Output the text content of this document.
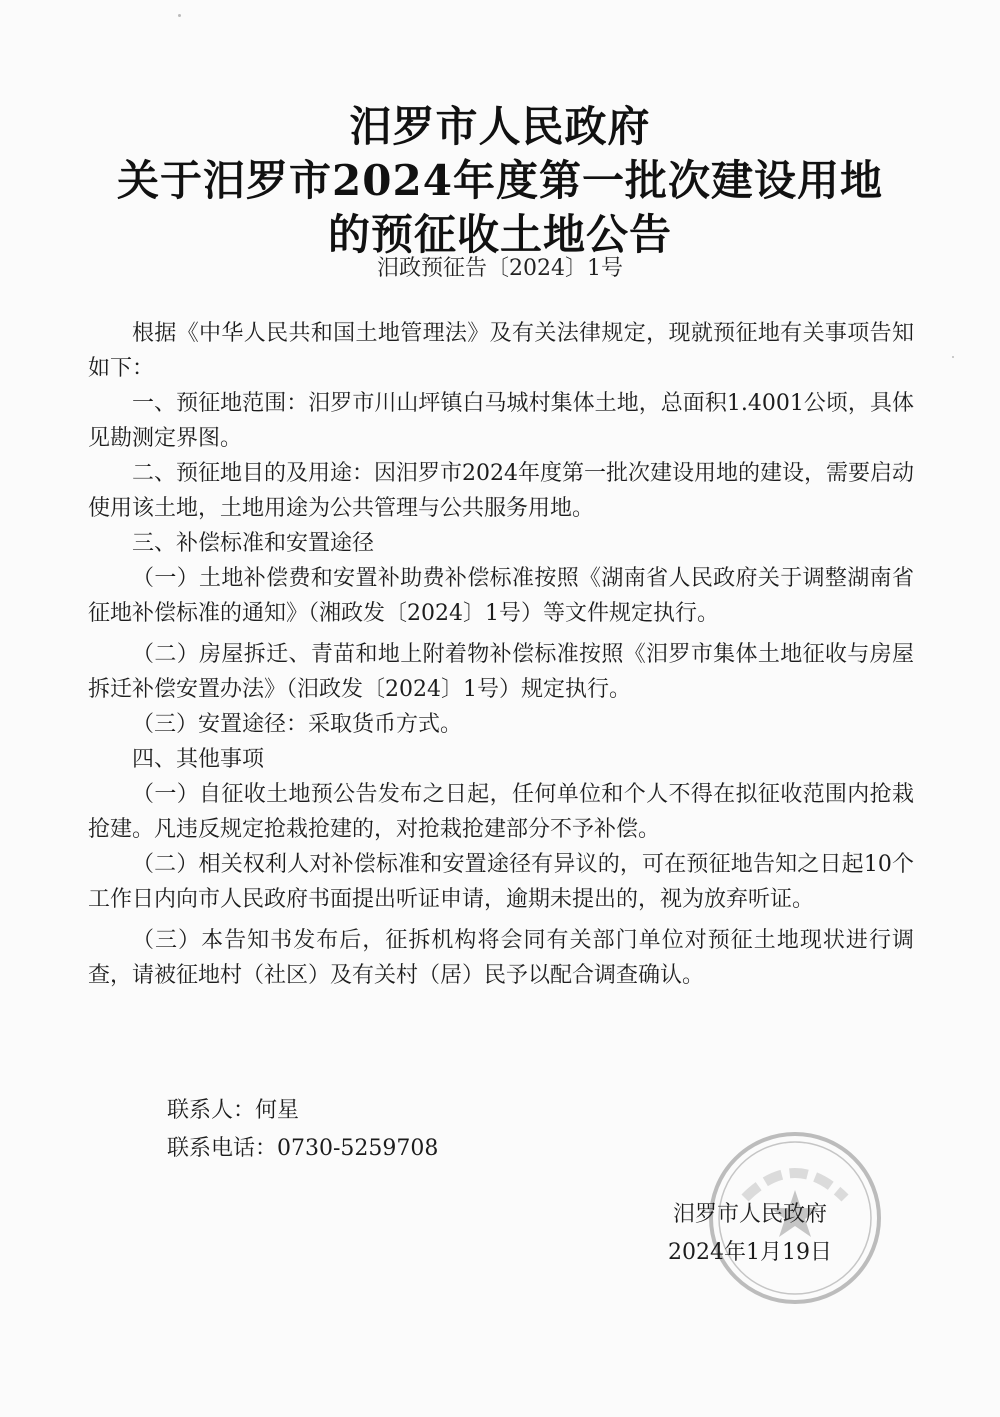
汨罗市人民政府
关于汨罗市2024年度第一批次建设用地
的预征收土地公告
汨政预征告〔2024〕1号

根据《中华人民共和国土地管理法》及有关法律规定，现就预征地有关事项告知如下：

一、预征地范围：汨罗市川山坪镇白马城村集体土地，总面积1.4001公顷，具体见勘测定界图。

二、预征地目的及用途：因汨罗市2024年度第一批次建设用地的建设，需要启动使用该土地，土地用途为公共管理与公共服务用地。

三、补偿标准和安置途径

（一）土地补偿费和安置补助费补偿标准按照《湖南省人民政府关于调整湖南省征地补偿标准的通知》（湘政发〔2024〕1号）等文件规定执行。

（二）房屋拆迁、青苗和地上附着物补偿标准按照《汨罗市集体土地征收与房屋拆迁补偿安置办法》（汨政发〔2024〕1号）规定执行。

（三）安置途径：采取货币方式。

四、其他事项

（一）自征收土地预公告发布之日起，任何单位和个人不得在拟征收范围内抢栽抢建。凡违反规定抢栽抢建的，对抢栽抢建部分不予补偿。

（二）相关权利人对补偿标准和安置途径有异议的，可在预征地告知之日起10个工作日内向市人民政府书面提出听证申请，逾期未提出的，视为放弃听证。

（三）本告知书发布后，征拆机构将会同有关部门单位对预征土地现状进行调查，请被征地村（社区）及有关村（居）民予以配合调查确认。

联系人：何星
联系电话：0730-5259708
汨罗市人民政府
2024年1月19日
